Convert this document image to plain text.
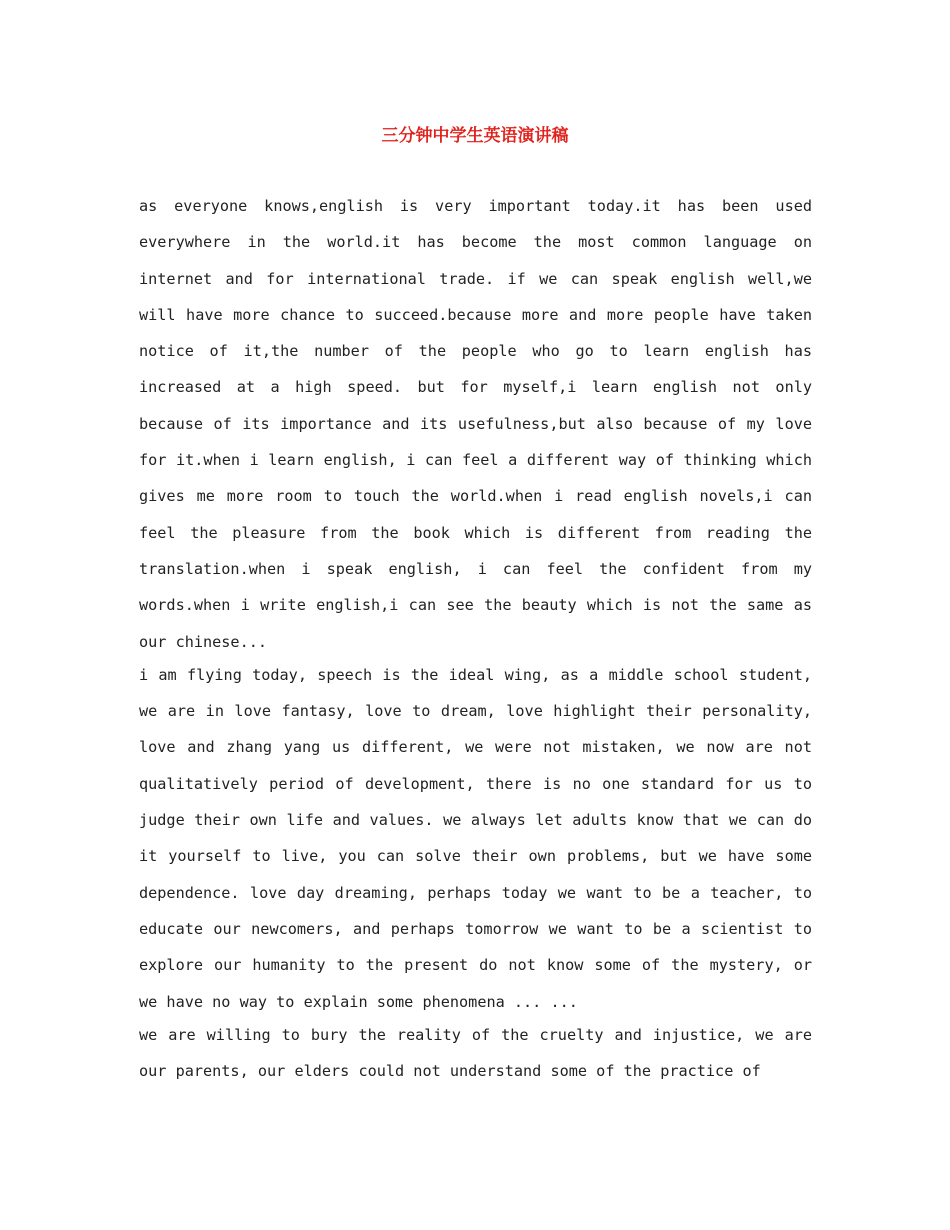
三分钟中学生英语演讲稿

as everyone knows,english is very important today.it has been used everywhere in the world.it has become the most common language on internet and for international trade. if we can speak english well,we will have more chance to succeed.because more and more people have taken notice of it,the number of the people who go to learn english has increased at a high speed. but for myself,i learn english not only because of its importance and its usefulness,but also because of my love for it.when i learn english, i can feel a different way of thinking which gives me more room to touch the world.when i read english novels,i can feel the pleasure from the book which is different from reading the translation.when i speak english, i can feel the confident from my words.when i write english,i can see the beauty which is not the same as our chinese...

i am flying today, speech is the ideal wing, as a middle school student, we are in love fantasy, love to dream, love highlight their personality, love and zhang yang us different, we were not mistaken, we now are not qualitatively period of development, there is no one standard for us to judge their own life and values. we always let adults know that we can do it yourself to live, you can solve their own problems, but we have some dependence. love day dreaming, perhaps today we want to be a teacher, to educate our newcomers, and perhaps tomorrow we want to be a scientist to explore our humanity to the present do not know some of the mystery, or we have no way to explain some phenomena ... ...

we are willing to bury the reality of the cruelty and injustice, we are our parents, our elders could not understand some of the practice of
